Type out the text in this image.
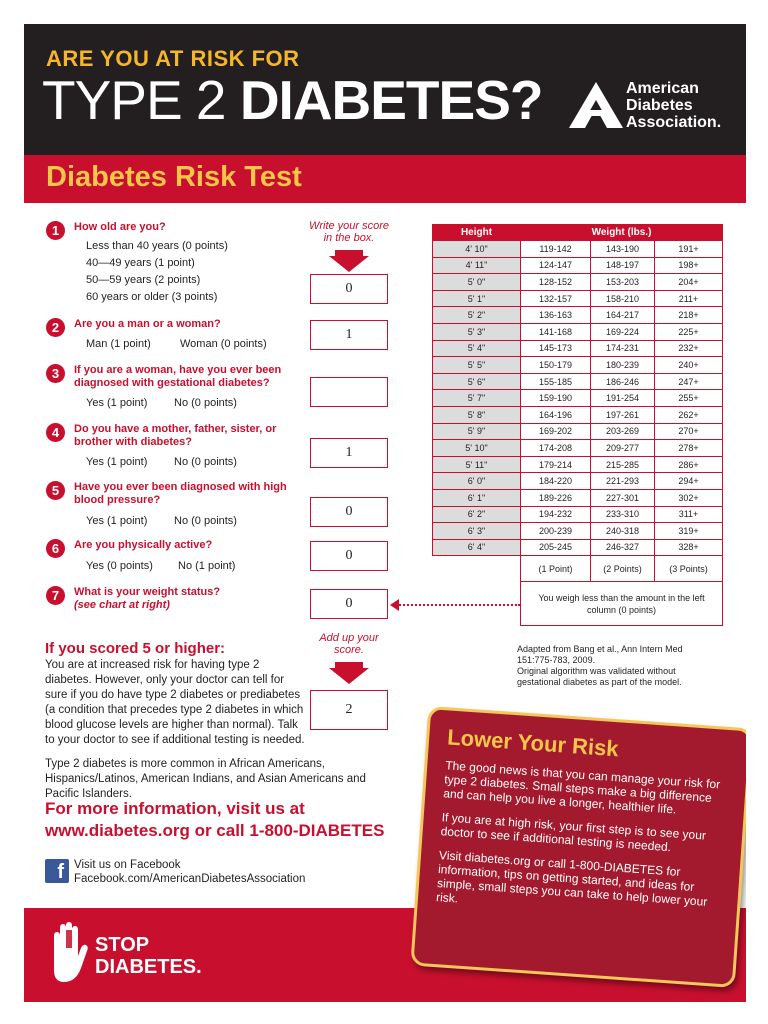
ARE YOU AT RISK FOR
TYPE 2 DIABETES?	American
Diabetes
Association.
Diabetes Risk Test
Write your score in the box.
1	How old are you?
Less than 40 years (0 points)
40—49 years (1 point)
50—59 years (2 points)
60 years or older (3 points)
0
2	Are you a man or a woman?
Man (1 point)	Woman (0 points)
1
3	If you are a woman, have you ever been diagnosed with gestational diabetes?
Yes (1 point) No (0 points)
4	Do you have a mother, father, sister, or brother with diabetes?
Yes (1 point) No (0 points)
1
5	Have you ever been diagnosed with high blood pressure?
Yes (1 point) No (0 points)
0
6	Are you physically active?
Yes (0 points) No (1 point)
0
7	What is your weight status?
(see chart at right)	0
Add up your score.
2
If you scored 5 or higher:
You are at increased risk for having type 2 diabetes. However, only your doctor can tell for sure if you do have type 2 diabetes or prediabetes (a condition that precedes type 2 diabetes in which blood glucose levels are higher than normal). Talk to your doctor to see if additional testing is needed.
Type 2 diabetes is more common in African Americans, Hispanics/Latinos, American Indians, and Asian Americans and Pacific Islanders.
For more information, visit us at
www.diabetes.org or call 1-800-DIABETES
f Visit us on Facebook
Facebook.com/AmericanDiabetesAssociation
Height	Weight (lbs.)		
4' 10"	119-142	143-190	191+
4' 11"	124-147	148-197	198+
5' 0"	128-152	153-203	204+
5' 1"	132-157	158-210	211+
5' 2"	136-163	164-217	218+
5' 3"	141-168	169-224	225+
5' 4"	145-173	174-231	232+
5' 5"	150-179	180-239	240+
5' 6"	155-185	186-246	247+
5' 7"	159-190	191-254	255+
5' 8"	164-196	197-261	262+
5' 9"	169-202	203-269	270+
5' 10"	174-208	209-277	278+
5' 11"	179-214	215-285	286+
6' 0"	184-220	221-293	294+
6' 1"	189-226	227-301	302+
6' 2"	194-232	233-310	311+
6' 3"	200-239	240-318	319+
6' 4"	205-245	246-327	328+
	(1 Point)	(2 Points)	(3 Points)
	You weigh less than the amount in the left column (0 points)		
Adapted from Bang et al., Ann Intern Med
151:775-783, 2009.
Original algorithm was validated without
gestational diabetes as part of the model.
STOP
DIABETES.
Lower Your Risk
The good news is that you can manage your risk for type 2 diabetes. Small steps make a big difference and can help you live a longer, healthier life.
If you are at high risk, your first step is to see your doctor to see if additional testing is needed.
Visit diabetes.org or call 1-800-DIABETES for information, tips on getting started, and ideas for simple, small steps you can take to help lower your risk.
